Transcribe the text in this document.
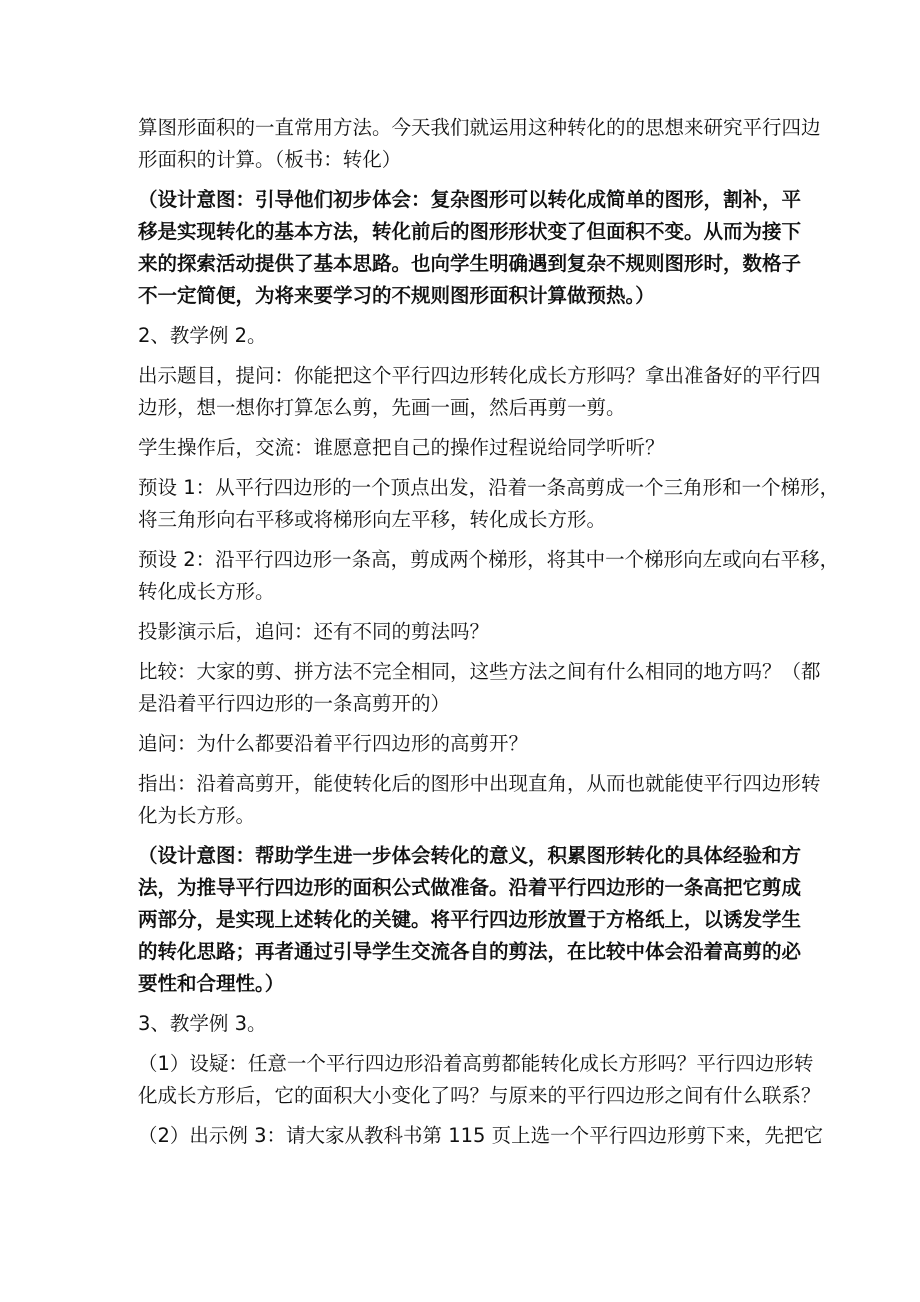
算图形面积的一直常用方法。今天我们就运用这种转化的的思想来研究平行四边
形面积的计算。（板书：转化）
（设计意图：引导他们初步体会：复杂图形可以转化成简单的图形，割补，平
移是实现转化的基本方法，转化前后的图形形状变了但面积不变。从而为接下
来的探索活动提供了基本思路。也向学生明确遇到复杂不规则图形时，数格子
不一定简便，为将来要学习的不规则图形面积计算做预热。）
2、教学例 2。
出示题目，提问：你能把这个平行四边形转化成长方形吗？拿出准备好的平行四
边形，想一想你打算怎么剪，先画一画，然后再剪一剪。
学生操作后，交流：谁愿意把自己的操作过程说给同学听听？
预设 1：从平行四边形的一个顶点出发，沿着一条高剪成一个三角形和一个梯形，
将三角形向右平移或将梯形向左平移，转化成长方形。
预设 2：沿平行四边形一条高，剪成两个梯形，将其中一个梯形向左或向右平移，
转化成长方形。
投影演示后，追问：还有不同的剪法吗？
比较：大家的剪、拼方法不完全相同，这些方法之间有什么相同的地方吗？（都
是沿着平行四边形的一条高剪开的）
追问：为什么都要沿着平行四边形的高剪开？
指出：沿着高剪开，能使转化后的图形中出现直角，从而也就能使平行四边形转
化为长方形。
（设计意图：帮助学生进一步体会转化的意义，积累图形转化的具体经验和方
法，为推导平行四边形的面积公式做准备。沿着平行四边形的一条高把它剪成
两部分，是实现上述转化的关键。将平行四边形放置于方格纸上，以诱发学生
的转化思路；再者通过引导学生交流各自的剪法，在比较中体会沿着高剪的必
要性和合理性。）
3、教学例 3。
（1）设疑：任意一个平行四边形沿着高剪都能转化成长方形吗？平行四边形转
化成长方形后，它的面积大小变化了吗？与原来的平行四边形之间有什么联系？
（2）出示例 3：请大家从教科书第 115 页上选一个平行四边形剪下来，先把它
